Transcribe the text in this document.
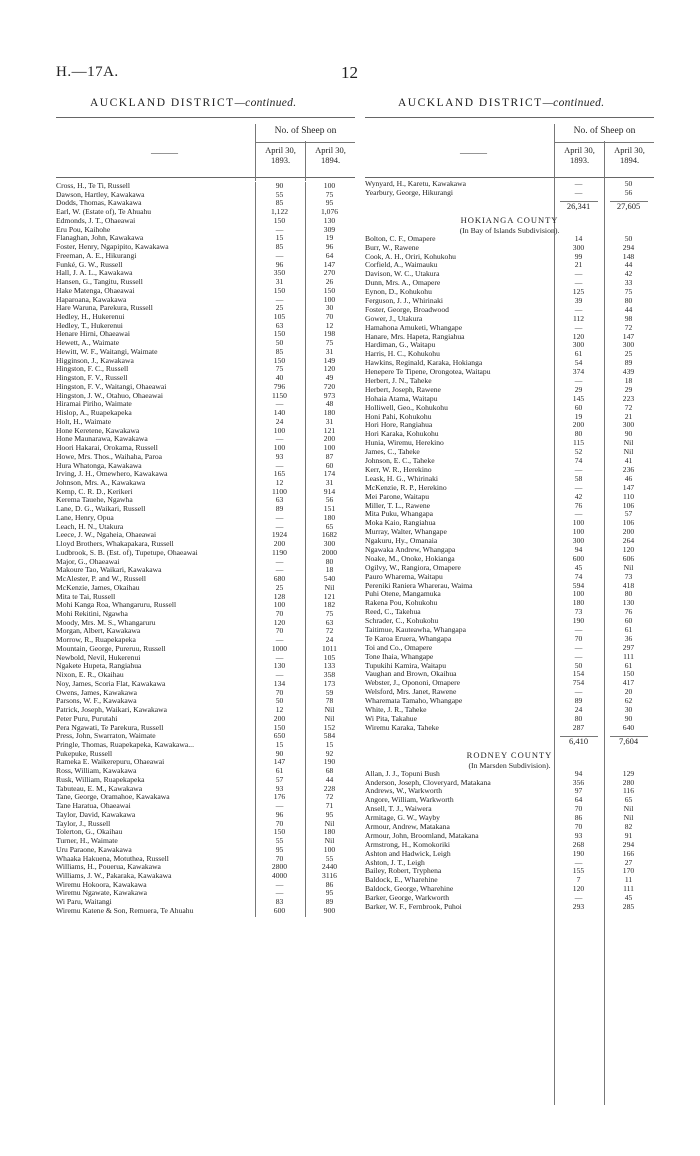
H.—17A.	12
AUCKLAND DISTRICT—continued.	AUCKLAND DISTRICT—continued.
———
No. of Sheep on
April 30, 1893.
April 30, 1894.
Cross, H., Te Ti, Russell	90	100
Dawson, Hartley, Kawakawa	55	75
Dodds, Thomas, Kawakawa	85	95
Earl, W. (Estate of), Te Ahuahu	1,122	1,076
Edmonds, J. T., Ohaeawai	150	130
Eru Pou, Kaihohe	—	309
Flanaghan, John, Kawakawa	15	19
Foster, Henry, Ngapipito, Kawakawa	85	96
Freeman, A. E., Hikurangi	—	64
Funké, G. W., Russell	96	147
Hall, J. A. L., Kawakawa	350	270
Hansen, G., Tangitu, Russell	31	26
Hake Matenga, Ohaeawai	150	150
Haparoana, Kawakawa	—	100
Hare Waruna, Parekura, Russell	25	30
Hedley, H., Hukerenui	105	70
Hedley, T., Hukerenui	63	12
Henare Hirni, Ohaeawai	150	198
Hewett, A., Waimate	50	75
Hewitt, W. F., Waitangi, Waimate	85	31
Higginson, J., Kawakawa	150	149
Hingston, F. C., Russell	75	120
Hingston, F. V., Russell	40	49
Hingston, F. V., Waitangi, Ohaeawai	796	720
Hingston, J. W., Otahuo, Ohaeawai	1150	973
Hiramai Piriho, Waimate	—	48
Hislop, A., Ruapekapeka	140	180
Holt, H., Waimate	24	31
Hone Keretene, Kawakawa	100	121
Hone Maunarawa, Kawakawa	—	200
Hoori Hakarai, Orokama, Russell	100	100
Howe, Mrs. Thos., Waihaha, Paroa	93	87
Hura Whatonga, Kawakawa	—	60
Irving, J. H., Omewhero, Kawakawa	165	174
Johnson, Mrs. A., Kawakawa	12	31
Kemp, C. R. D., Kerikeri	1100	914
Kerema Tauehe, Ngawha	63	56
Lane, D. G., Waikari, Russell	89	151
Lane, Henry, Opua	—	180
Leach, H. N., Utakura	—	65
Leece, J. W., Ngaheia, Ohaeawai	1924	1682
Lloyd Brothers, Whakapakara, Russell	200	300
Ludbrook, S. B. (Est. of), Tupetupe, Ohaeawai	1190	2000
Major, G., Ohaeawai	—	80
Makoure Tao, Waikari, Kawakawa	—	18
McAlester, P. and W., Russell	680	540
McKenzie, James, Okaihau	25	Nil
Mita te Tai, Russell	128	121
Mohi Kanga Roa, Whangaruru, Russell	100	182
Mohi Rekitini, Ngawha	70	75
Moody, Mrs. M. S., Whangaruru	120	63
Morgan, Albert, Kawakawa	70	72
Morrow, R., Ruapekapeka	—	24
Mountain, George, Pureruu, Russell	1000	1011
Newbold, Nevil, Hukerenui	—	105
Ngakete Hupeta, Rangiahua	130	133
Nixon, E. R., Okaihau	—	358
Noy, James, Scoria Flat, Kawakawa	134	173
Owens, James, Kawakawa	70	59
Parsons, W. F., Kawakawa	50	78
Patrick, Joseph, Waikari, Kawakawa	12	Nil
Peter Puru, Purutahi	200	Nil
Pera Ngawati, Te Parekura, Russell	150	152
Press, John, Swarraton, Waimate	650	584
Pringle, Thomas, Ruapekapeka, Kawakawa...	15	15
Pukepuke, Russell	90	92
Rameka E. Waikerepuru, Ohaeawai	147	190
Ross, William, Kawakawa	61	68
Rusk, William, Ruapekapeka	57	44
Tabuteau, E. M., Kawakawa	93	228
Tane, George, Oramahoe, Kawakawa	176	72
Tane Haratua, Ohaeawai	—	71
Taylor, David, Kawakawa	96	95
Taylor, J., Russell	70	Nil
Tolerton, G., Okaihau	150	180
Turner, H., Waimate	55	Nil
Uru Paraone, Kawakawa	95	100
Whaaka Hakuena, Motuthea, Russell	70	55
Williams, H., Pouerua, Kawakawa	2800	2440
Williams, J. W., Pakaraka, Kawakawa	4000	3116
Wiremu Hokoora, Kawakawa	—	86
Wiremu Ngawate, Kawakawa	—	95
Wi Paru, Waitangi	83	89
Wiremu Katene & Son, Remuera, Te Ahuahu	600	900
———
No. of Sheep on
April 30, 1893.
April 30, 1894.
Wynyard, H., Karetu, Kawakawa	—	50
Yearbury, George, Hikurangi	—	56
26,341	27,605
HOKIANGA COUNTY
(In Bay of Islands Subdivision).
Bolton, C. F., Omapere	14	50
Burr, W., Rawene	300	294
Cook, A. H., Oriri, Kohukohu	99	148
Corfield, A., Waimauku	21	44
Davison, W. C., Utakura	—	42
Dunn, Mrs. A., Omapere	—	33
Eynon, D., Kohukohu	125	75
Ferguson, J. J., Whirinaki	39	80
Foster, George, Broadwood	—	44
Gower, J., Utakura	112	98
Hamahona Amuketi, Whangape	—	72
Hanare, Mrs. Hapeta, Rangiahua	120	147
Hardiman, G., Waitapu	300	300
Harris, H. C., Kohukohu	61	25
Hawkins, Reginald, Karaka, Hokianga	54	89
Henepere Te Tipene, Orongotea, Waitapu	374	439
Herbert, J. N., Taheke	—	18
Herbert, Joseph, Rawene	29	29
Hohaia Atama, Waitapu	145	223
Holliwell, Geo., Kohukohu	60	72
Honi Pahi, Kohukohu	19	21
Hori Hore, Rangiahua	200	300
Hori Karaka, Kohukohu	80	90
Hunia, Wiremu, Herekino	115	Nil
James, C., Taheke	52	Nil
Johnson, E. C., Taheke	74	41
Kerr, W. R., Herekino	—	236
Leask, H. G., Whirinaki	58	46
McKenzie, R. P., Herekino	—	147
Mei Parone, Waitapu	42	110
Miller, T. L., Rawene	76	106
Mita Puku, Whangapa	—	57
Moka Kaio, Rangiahua	100	106
Murray, Walter, Whangape	100	200
Ngakuru, Hy., Omanaia	300	264
Ngawaka Andrew, Whangapa	94	120
Noake, M., Onoke, Hokianga	600	606
Ogilvy, W., Rangiora, Omapere	45	Nil
Pauro Wharema, Waitapu	74	73
Pereniki Raniera Wharerau, Waima	594	418
Puhi Otene, Mangamuka	100	80
Rakena Pou, Kohukohu	180	130
Reed, C., Takehua	73	76
Schrader, C., Kohukohu	190	60
Taitimue, Kauteawha, Whangapa	—	61
Te Karoa Eruera, Whangapa	70	36
Toi and Co., Omapere	—	297
Tone Ihaia, Whangape	—	111
Tupukihi Kamira, Waitapu	50	61
Vaughan and Brown, Okaihua	154	150
Webster, J., Opononi, Omapere	754	417
Welsford, Mrs. Janet, Rawene	—	20
Wharemata Tamaho, Whangape	89	62
White, J. R., Taheke	24	30
Wi Pita, Takahue	80	90
Wiremu Karaka, Taheke	287	640
6,410	7,604
RODNEY COUNTY
(In Marsden Subdivision).
Allan, J. J., Topuni Bush	94	129
Anderson, Joseph, Cloveryard, Matakana	356	280
Andrews, W., Warkworth	97	116
Angore, William, Warkworth	64	65
Ansell, T. J., Waiwera	70	Nil
Armitage, G. W., Wayby	86	Nil
Armour, Andrew, Matakana	70	82
Armour, John, Broomland, Matakana	93	91
Armstrong, H., Komokoriki	268	294
Ashton and Hadwick, Leigh	190	166
Ashton, J. T., Leigh	—	27
Bailey, Robert, Tryphena	155	170
Baldock, E., Wharehine	7	11
Baldock, George, Wharehine	120	111
Barker, George, Warkworth	—	45
Barker, W. F., Fernbrook, Puhoi	293	285
